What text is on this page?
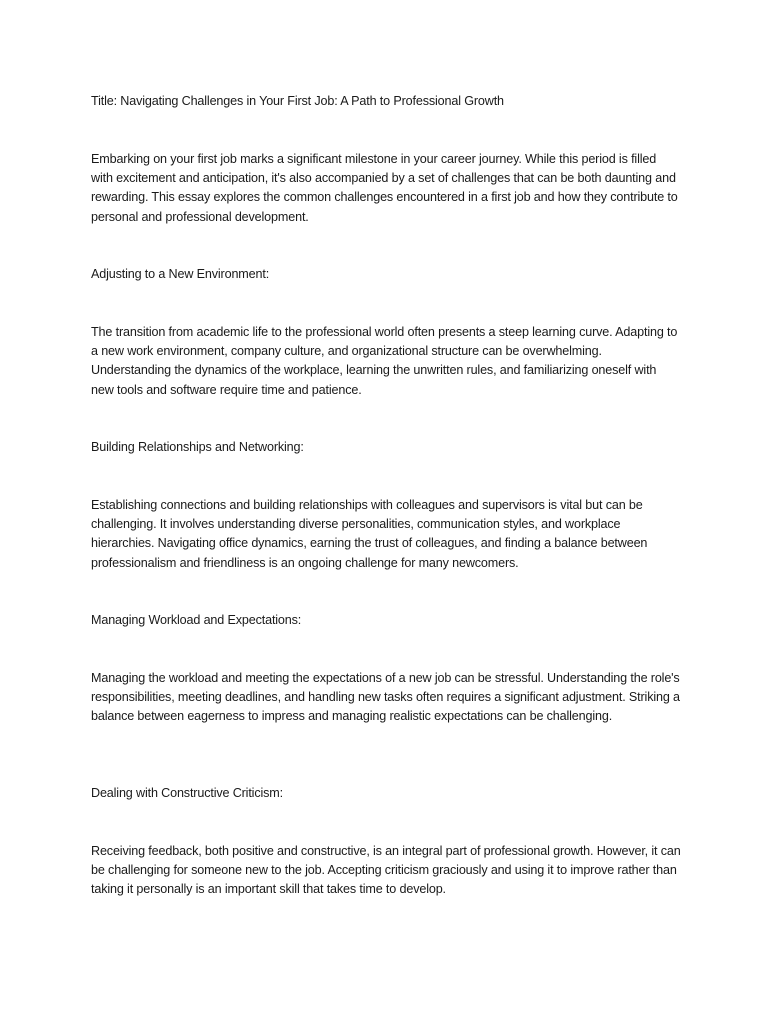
Title: Navigating Challenges in Your First Job: A Path to Professional Growth

Embarking on your first job marks a significant milestone in your career journey. While this period is filled with excitement and anticipation, it's also accompanied by a set of challenges that can be both daunting and rewarding. This essay explores the common challenges encountered in a first job and how they contribute to personal and professional development.

Adjusting to a New Environment:

The transition from academic life to the professional world often presents a steep learning curve. Adapting to a new work environment, company culture, and organizational structure can be overwhelming. Understanding the dynamics of the workplace, learning the unwritten rules, and familiarizing oneself with new tools and software require time and patience.

Building Relationships and Networking:

Establishing connections and building relationships with colleagues and supervisors is vital but can be challenging. It involves understanding diverse personalities, communication styles, and workplace hierarchies. Navigating office dynamics, earning the trust of colleagues, and finding a balance between professionalism and friendliness is an ongoing challenge for many newcomers.

Managing Workload and Expectations:

Managing the workload and meeting the expectations of a new job can be stressful. Understanding the role's responsibilities, meeting deadlines, and handling new tasks often requires a significant adjustment. Striking a balance between eagerness to impress and managing realistic expectations can be challenging.

Dealing with Constructive Criticism:

Receiving feedback, both positive and constructive, is an integral part of professional growth. However, it can be challenging for someone new to the job. Accepting criticism graciously and using it to improve rather than taking it personally is an important skill that takes time to develop.
